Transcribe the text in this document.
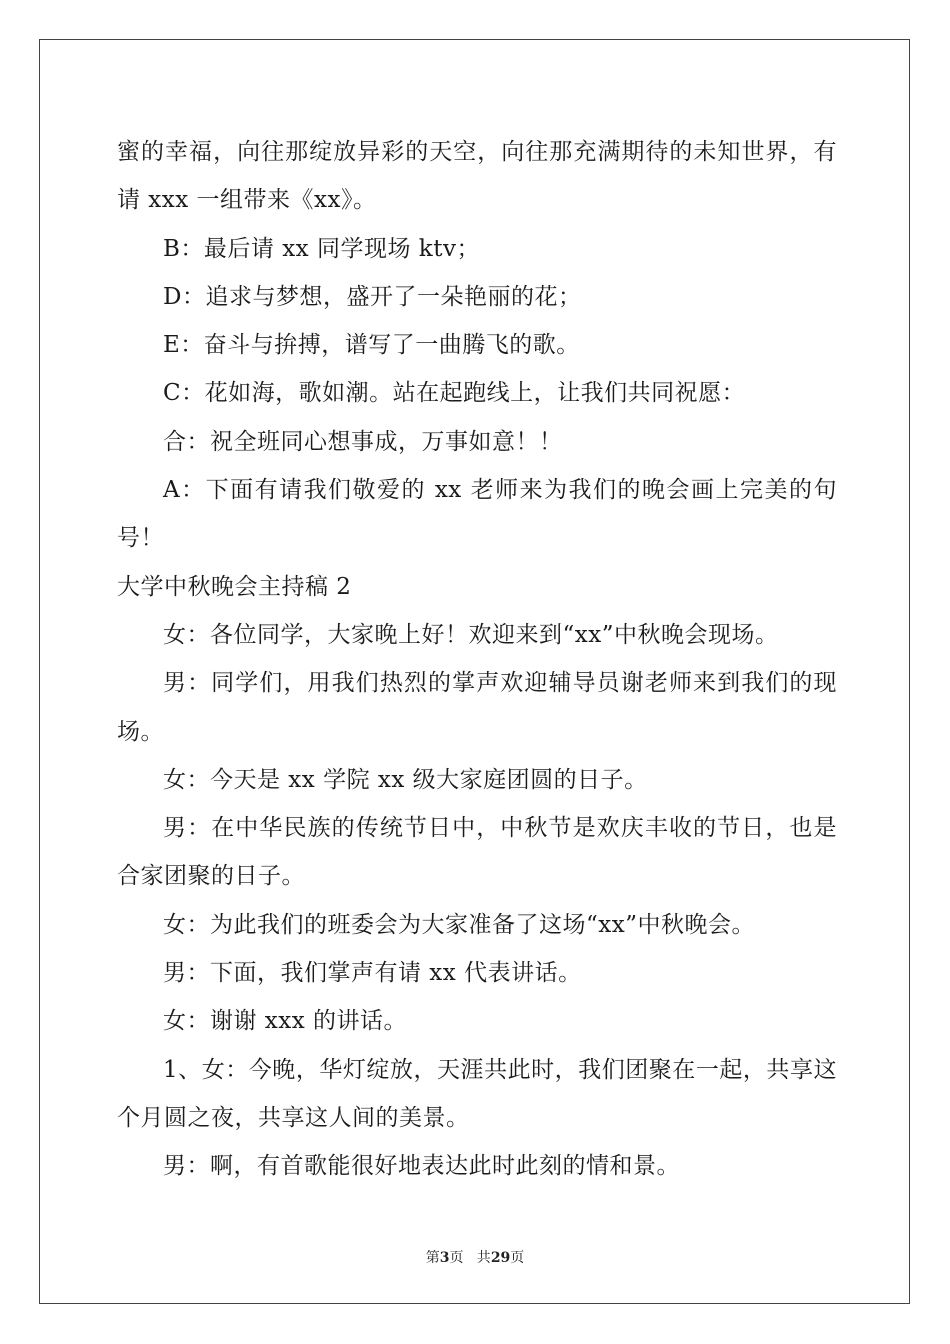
蜜的幸福，向往那绽放异彩的天空，向往那充满期待的未知世界，有请 xxx 一组带来《xx》。

B：最后请 xx 同学现场 ktv；

D：追求与梦想，盛开了一朵艳丽的花；

E：奋斗与拚搏，谱写了一曲腾飞的歌。

C：花如海，歌如潮。站在起跑线上，让我们共同祝愿：

合：祝全班同心想事成，万事如意！！

A：下面有请我们敬爱的 xx 老师来为我们的晚会画上完美的句号！

大学中秋晚会主持稿 2

女：各位同学，大家晚上好！欢迎来到“xx”中秋晚会现场。

男：同学们，用我们热烈的掌声欢迎辅导员谢老师来到我们的现场。

女：今天是 xx 学院 xx 级大家庭团圆的日子。

男：在中华民族的传统节日中，中秋节是欢庆丰收的节日，也是合家团聚的日子。

女：为此我们的班委会为大家准备了这场“xx”中秋晚会。

男：下面，我们掌声有请 xx 代表讲话。

女：谢谢 xxx 的讲话。

1、女：今晚，华灯绽放，天涯共此时，我们团聚在一起，共享这个月圆之夜，共享这人间的美景。

男：啊，有首歌能很好地表达此时此刻的情和景。

第3页   共29页
